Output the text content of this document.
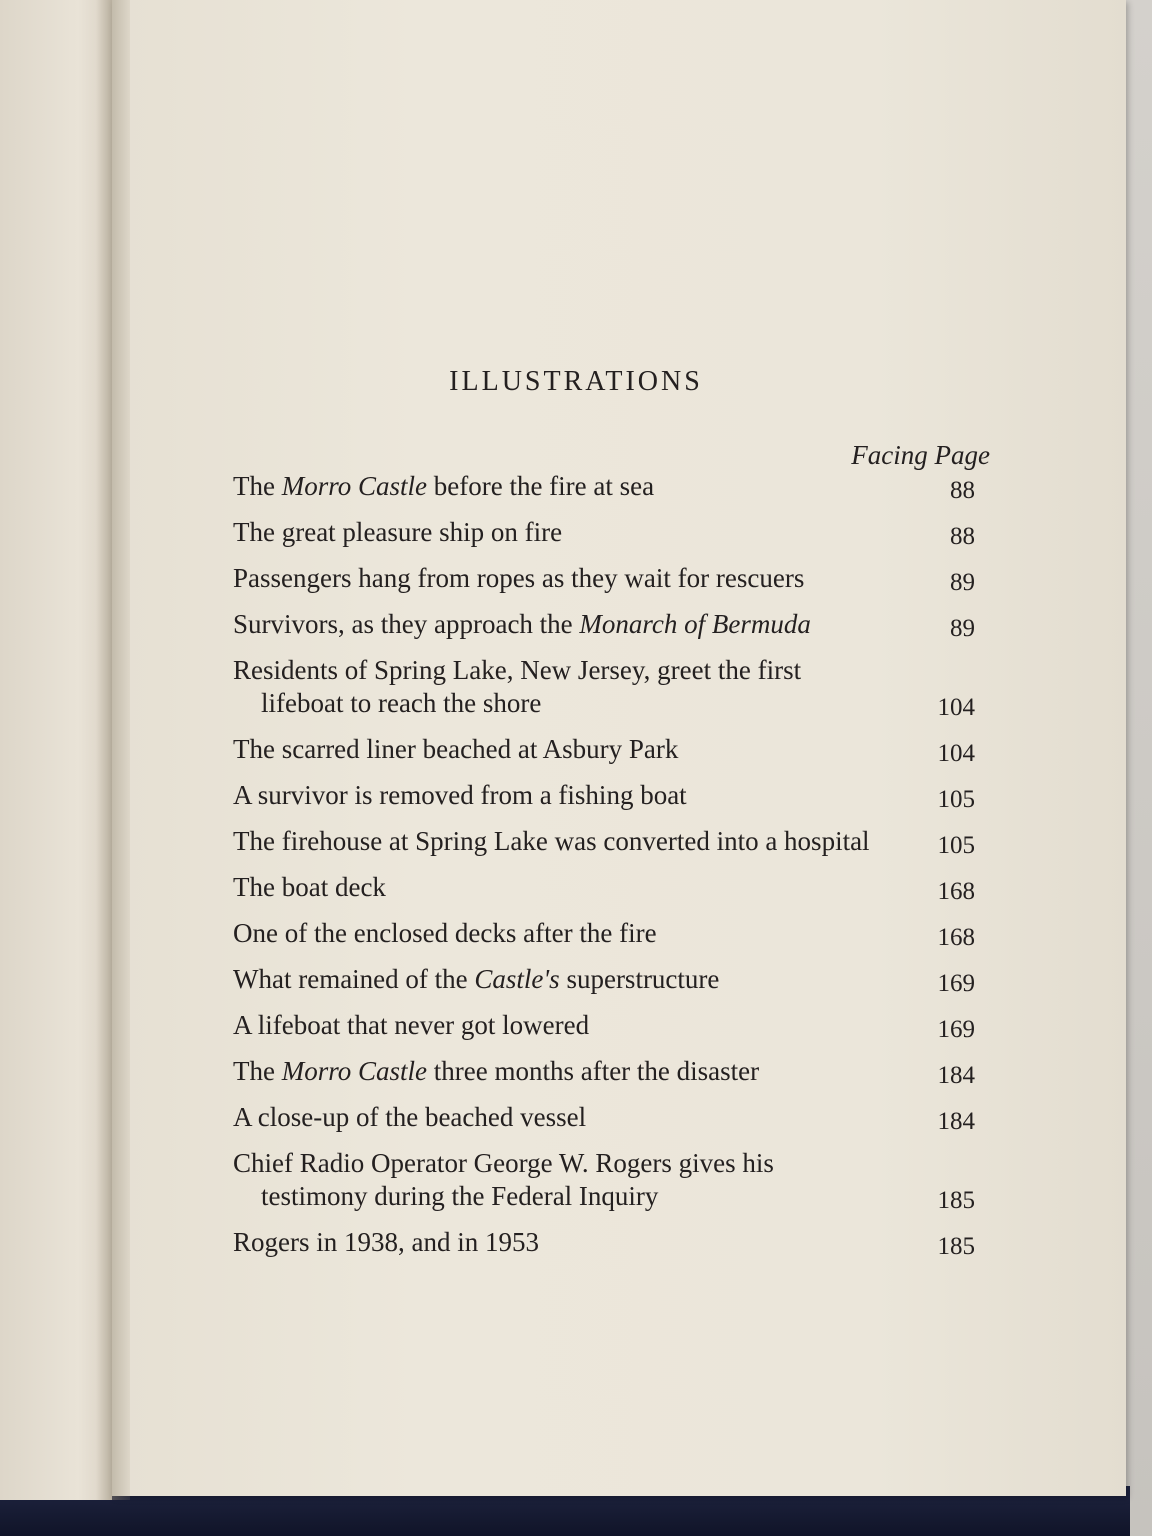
ILLUSTRATIONS
Facing Page
The Morro Castle before the fire at sea	88
The great pleasure ship on fire	88
Passengers hang from ropes as they wait for rescuers	89
Survivors, as they approach the Monarch of Bermuda	89
Residents of Spring Lake, New Jersey, greet the first
lifeboat to reach the shore	104
The scarred liner beached at Asbury Park	104
A survivor is removed from a fishing boat	105
The firehouse at Spring Lake was converted into a hospital	105
The boat deck	168
One of the enclosed decks after the fire	168
What remained of the Castle's superstructure	169
A lifeboat that never got lowered	169
The Morro Castle three months after the disaster	184
A close-up of the beached vessel	184
Chief Radio Operator George W. Rogers gives his
testimony during the Federal Inquiry	185
Rogers in 1938, and in 1953	185
